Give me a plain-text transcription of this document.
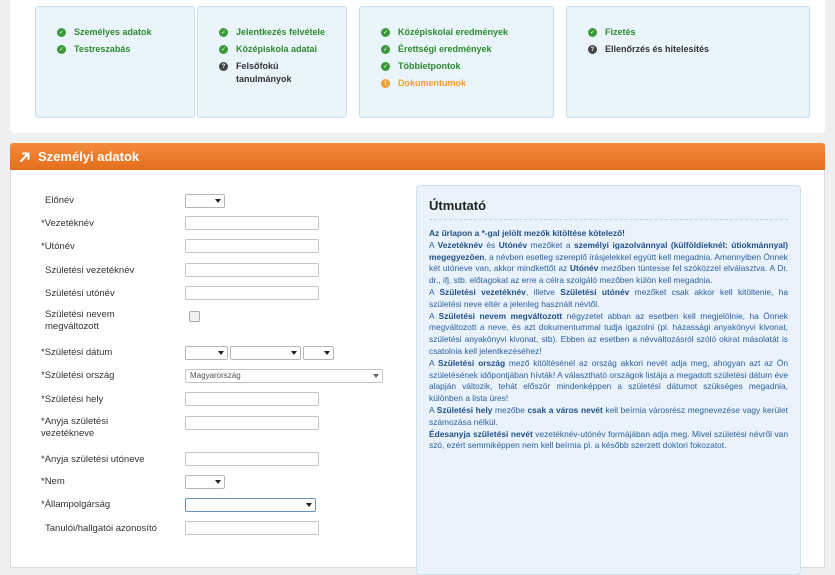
✓ Személyes adatok
✓ Testreszabás
✓ Jelentkezés felvétele
✓ Középiskola adatai
? Felsőfokú tanulmányok
✓ Középiskolai eredmények
✓ Érettségi eredmények
✓ Többletpontok
!	Dokumentumok
✓ Fizetés
? Ellenőrzés és hitelesítés
Személyi adatok
Előnév
*Vezetéknév
*Utónév
Születési vezetéknév
Születési utónév
Születési nevem megváltozott
*Születési dátum
*Születési ország	Magyarország
*Születési hely
*Anyja születési vezetékneve
*Anyja születési utóneve
*Nem
*Állampolgárság
Tanulói/hallgatói azonosító
Útmutató

Az űrlapon a *-gal jelölt mezők kitöltése kötelező!

A Vezetéknév és Utónév mezőket a személyi igazolvánnyal (külföldieknél: útiokmánnyal) megegyezően, a névben esetleg szereplő írásjelekkel együtt kell megadnia. Amennyiben Önnek két utóneve van, akkor mindkettőt az Utónév mezőben tüntesse fel szóközzel elválasztva. A Dr. dr., ifj. stb. előtagokat az erre a célra szolgáló mezőben külön kell megadnia.

A Születési vezetéknév, illetve Születési utónév mezőket csak akkor kell kitöltenie, ha születési neve eltér a jelenleg használt névtől.

A Születési nevem megváltozott négyzetet abban az esetben kell megjelölnie, ha Önnek megváltozott a neve, és azt dokumentummal tudja igazolni (pl. házassági anyakönyvi kivonat, születési anyakönyvi kivonat, stb). Ebben az esetben a névváltozásról szóló okirat másolatát is csatolnia kell jelentkezéséhez!

A Születési ország mező kitöltésénél az ország akkori nevét adja meg, ahogyan azt az Ön születésének időpontjában hívták! A választható országok listája a megadott születési dátum éve alapján változik, tehát először mindenképpen a születési dátumot szükséges megadnia, különben a lista üres!

A Születési hely mezőbe csak a város nevét kell beírnia városrész megnevezése vagy kerület számozása nélkül.

Édesanyja születési nevét vezetéknév-utónév formájában adja meg. Mivel születési névről van szó, ezért semmiképpen nem kell beírnia pl. a később szerzett doktori fokozatot.
